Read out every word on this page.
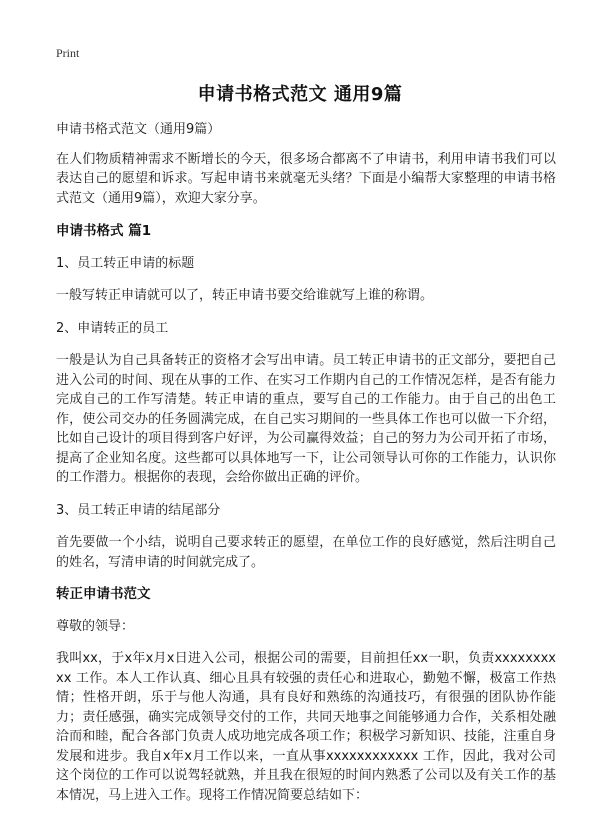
Print
申请书格式范文 通用9篇

申请书格式范文（通用9篇）

在人们物质精神需求不断增长的今天，很多场合都离不了申请书，利用申请书我们可以表达自己的愿望和诉求。写起申请书来就毫无头绪？下面是小编帮大家整理的申请书格式范文（通用9篇），欢迎大家分享。

申请书格式 篇1

1、员工转正申请的标题

一般写转正申请就可以了，转正申请书要交给谁就写上谁的称谓。

2、申请转正的员工

一般是认为自己具备转正的资格才会写出申请。员工转正申请书的正文部分，要把自己进入公司的时间、现在从事的工作、在实习工作期内自己的工作情况怎样，是否有能力完成自己的工作写清楚。转正申请的重点，要写自己的工作能力。由于自己的出色工作，使公司交办的任务圆满完成，在自己实习期间的一些具体工作也可以做一下介绍，比如自己设计的项目得到客户好评，为公司赢得效益；自己的努力为公司开拓了市场，提高了企业知名度。这些都可以具体地写一下，让公司领导认可你的工作能力，认识你的工作潜力。根据你的表现，会给你做出正确的评价。

3、员工转正申请的结尾部分

首先要做一个小结，说明自己要求转正的愿望，在单位工作的良好感觉，然后注明自己的姓名，写清申请的时间就完成了。

转正申请书范文

尊敬的领导：

我叫xx，于x年x月x日进入公司，根据公司的需要，目前担任xx一职，负责xxxxxxxxxx 工作。本人工作认真、细心且具有较强的责任心和进取心，勤勉不懈，极富工作热情；性格开朗，乐于与他人沟通，具有良好和熟练的沟通技巧，有很强的团队协作能力；责任感强，确实完成领导交付的工作，共同天地事之间能够通力合作，关系相处融洽而和睦，配合各部门负责人成功地完成各项工作；积极学习新知识、技能，注重自身发展和进步。我自x年x月工作以来，一直从事xxxxxxxxxxxx 工作，因此，我对公司这个岗位的工作可以说驾轻就熟，并且我在很短的时间内熟悉了公司以及有关工作的基本情况，马上进入工作。现将工作情况简要总结如下：
